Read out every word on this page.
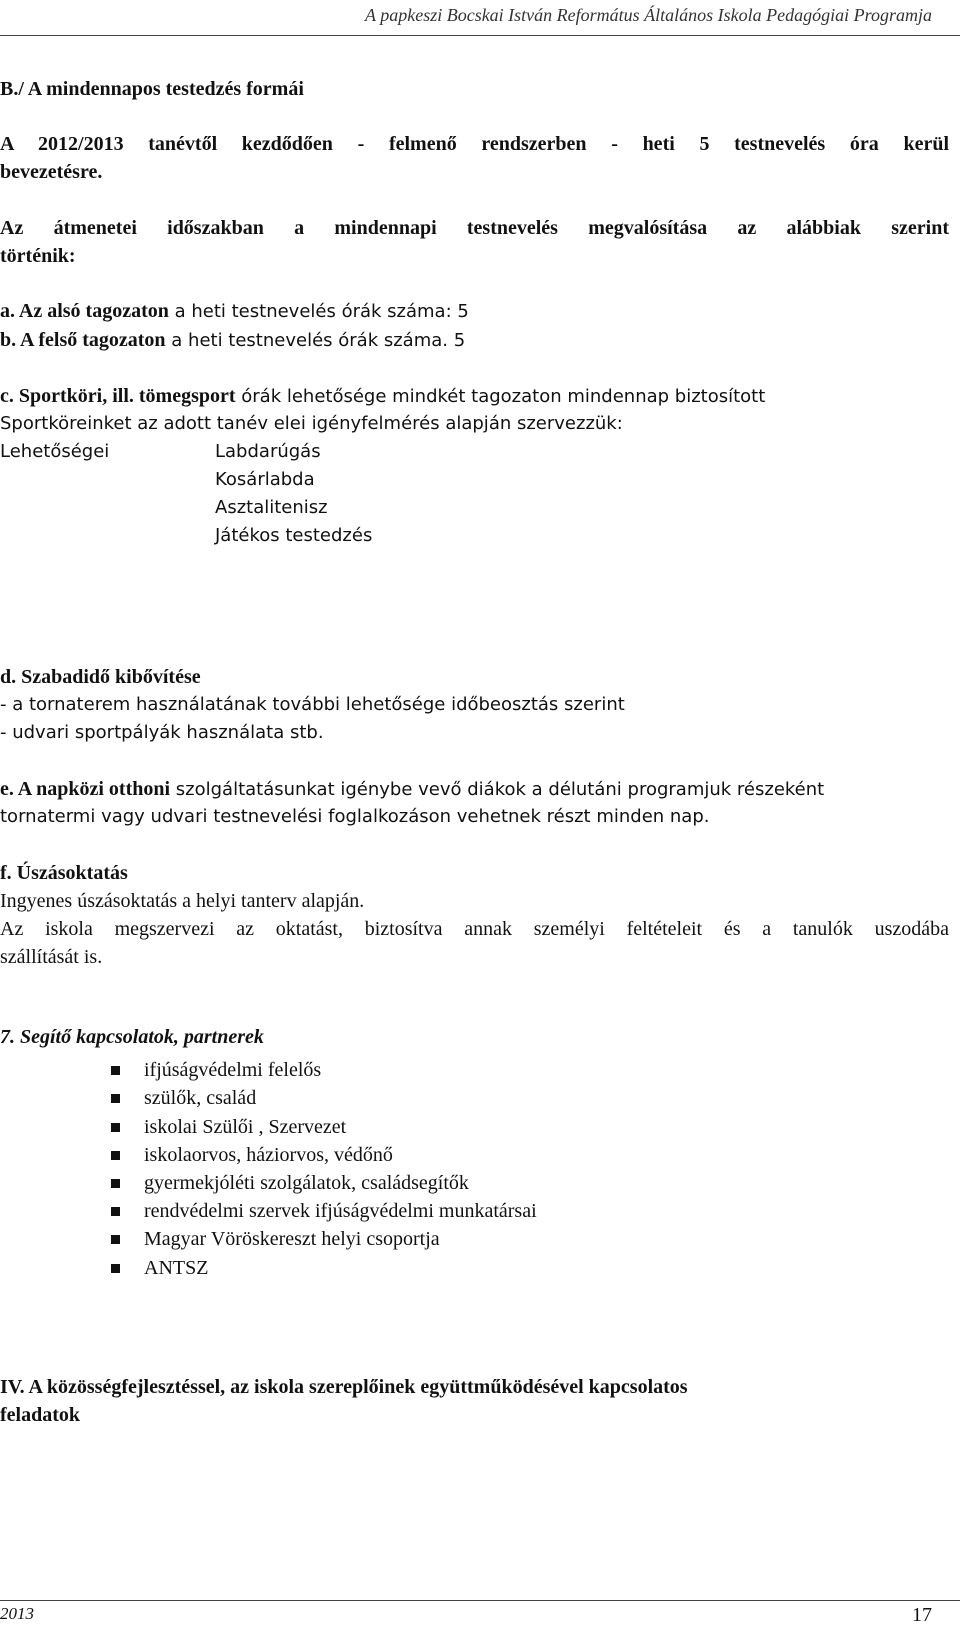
A papkeszi Bocskai István Református Általános Iskola Pedagógiai Programja
B./ A mindennapos testedzés formái
A 2012/2013 tanévtől kezdődően - felmenő rendszerben - heti 5 testnevelés óra kerül
bevezetésre.
Az átmenetei időszakban a mindennapi testnevelés megvalósítása az alábbiak szerint
történik:
a. Az alsó tagozaton a heti testnevelés órák száma: 5
b. A felső tagozaton a heti testnevelés órák száma. 5
c. Sportköri, ill. tömegsport órák lehetősége mindkét tagozaton mindennap biztosított
Sportköreinket az adott tanév elei igényfelmérés alapján szervezzük:
Lehetőségei	Labdarúgás
Kosárlabda
Asztalitenisz
Játékos testedzés
d. Szabadidő kibővítése
- a tornaterem használatának további lehetősége időbeosztás szerint
- udvari sportpályák használata stb.
e. A napközi otthoni szolgáltatásunkat igénybe vevő diákok a délutáni programjuk részeként
tornatermi vagy udvari testnevelési foglalkozáson vehetnek részt minden nap.
f. Úszásoktatás
Ingyenes úszásoktatás a helyi tanterv alapján.
Az iskola megszervezi az oktatást, biztosítva annak személyi feltételeit és a tanulók uszodába
szállítását is.
7. Segítő kapcsolatok, partnerek
ifjúságvédelmi felelős
szülők, család
iskolai Szülői , Szervezet
iskolaorvos, háziorvos, védőnő
gyermekjóléti szolgálatok, családsegítők
rendvédelmi szervek ifjúságvédelmi munkatársai
Magyar Vöröskereszt helyi csoportja
ANTSZ
IV. A közösségfejlesztéssel, az iskola szereplőinek együttműködésével kapcsolatos
feladatok
2013	17
